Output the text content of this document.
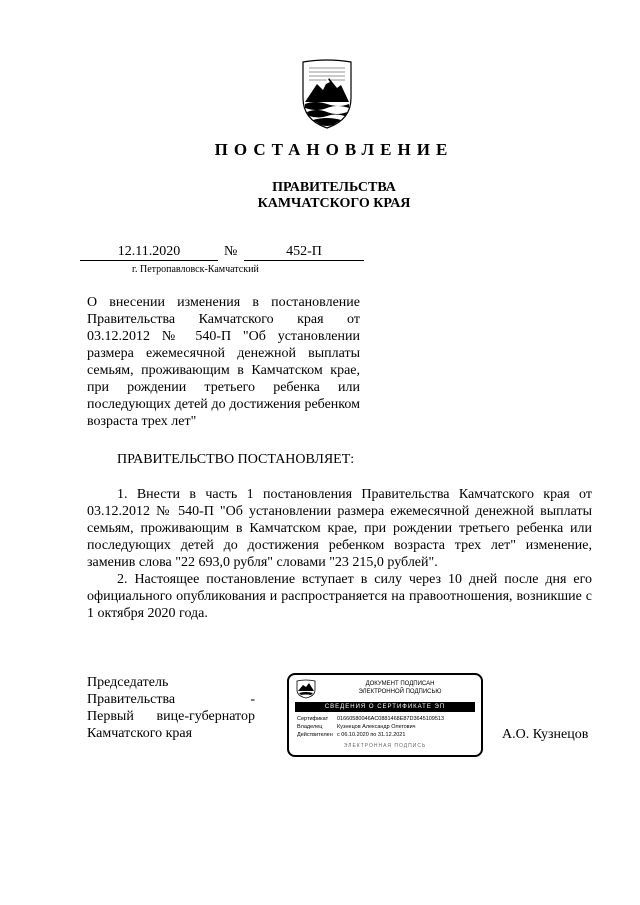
ПОСТАНОВЛЕНИЕ
ПРАВИТЕЛЬСТВА
КАМЧАТСКОГО КРАЯ
12.11.2020	№	452-П
г. Петропавловск-Камчатский
О внесении изменения в постановление Правительства Камчатского края от 03.12.2012 № 540-П "Об установлении размера ежемесячной денежной выплаты семьям, проживающим в Камчатском крае, при рождении третьего ребенка или последующих детей до достижения ребенком возраста трех лет"
ПРАВИТЕЛЬСТВО ПОСТАНОВЛЯЕТ:
1. Внести в часть 1 постановления Правительства Камчатского края от 03.12.2012 № 540-П "Об установлении размера ежемесячной денежной выплаты семьям, проживающим в Камчатском крае, при рождении третьего ребенка или последующих детей до достижения ребенком возраста трех лет" изменение, заменив слова "22 693,0 рубля" словами "23 215,0 рублей".
2. Настоящее постановление вступает в силу через 10 дней после дня его официального опубликования и распространяется на правоотношения, возникшие с 1 октября 2020 года.
Председатель Правительства -
Первый вице-губернатор
Камчатского края
ДОКУМЕНТ ПОДПИСАН
ЭЛЕКТРОННОЙ ПОДПИСЬЮ
СВЕДЕНИЯ О СЕРТИФИКАТЕ ЭП
Сертификат 01660580046AC0881468E87D3645109513
Владелец	Кузнецов Александр Олегович
Действителен с 06.10.2020 по 31.12.2021
ЭЛЕКТРОННАЯ ПОДПИСЬ
А.О. Кузнецов
